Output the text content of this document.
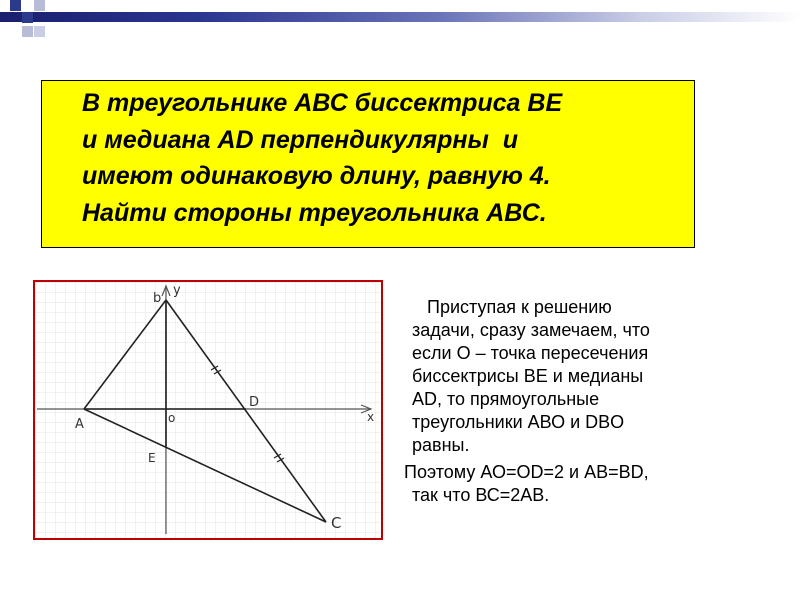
В треугольнике АВС биссектриса ВЕ
и медиана AD перпендикулярны  и
имеют одинаковую длину, равную 4.
Найти стороны треугольника АВС.
b
y
A	o
D
x
E
C
Приступая к решению
задачи, сразу замечаем, что
если О – точка пересечения
биссектрисы ВЕ и медианы
AD, то прямоугольные
треугольники АВО и DBO
равны.
Поэтому АО=OD=2 и AB=BD,
так что ВС=2АВ.
